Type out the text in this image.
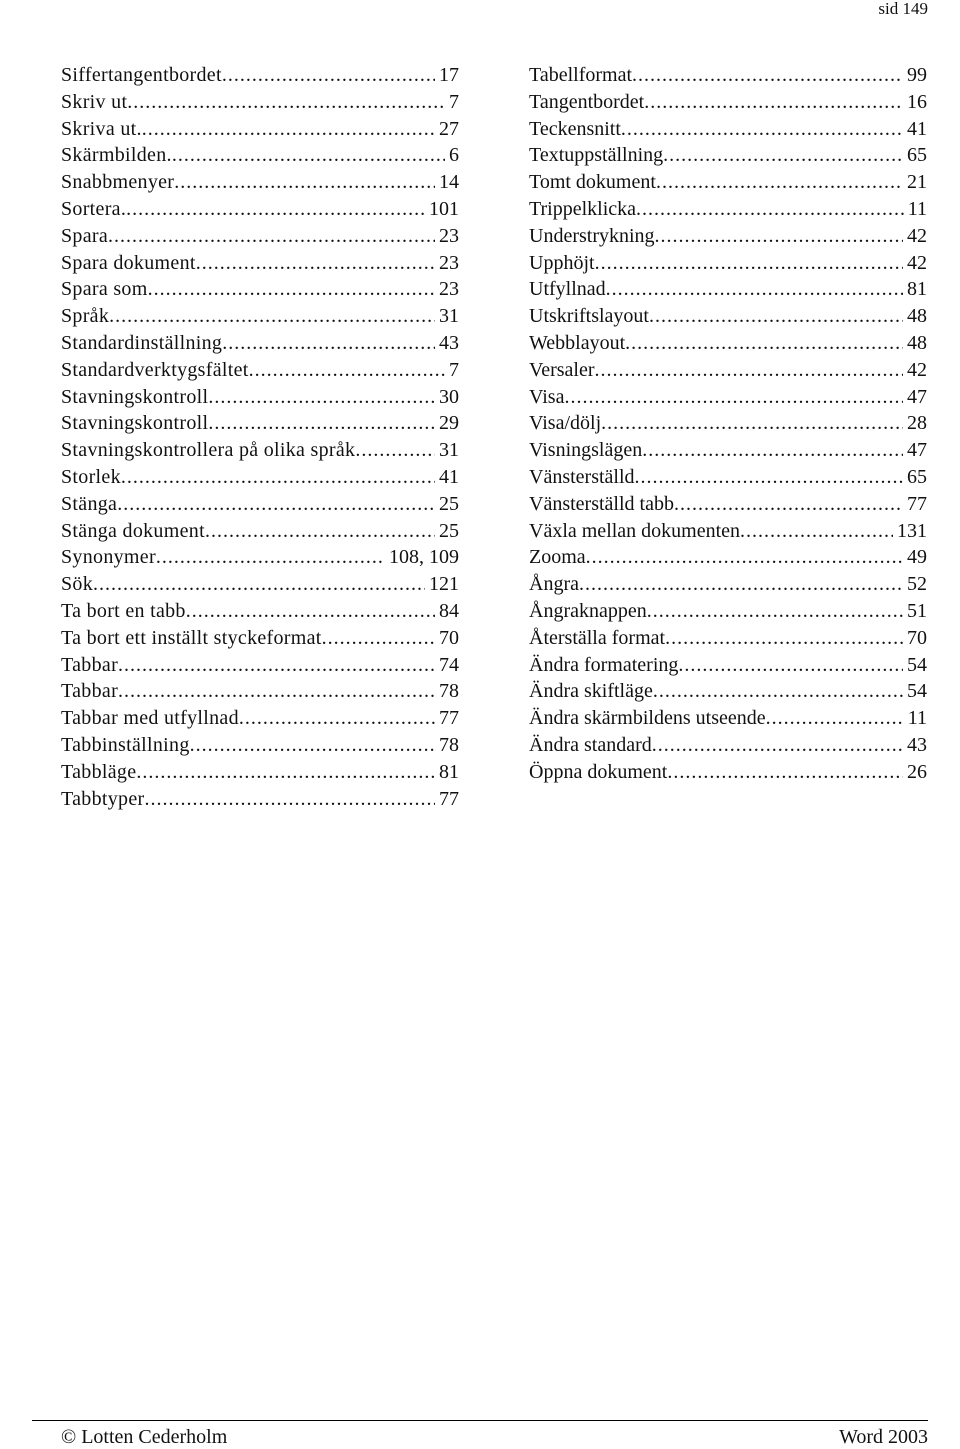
sid 149
Siffertangentbordet .....	17
Skriv ut .....	7
Skriva ut. .....	27
Skärmbilden. .....	6
Snabbmenyer .....	14
Sortera. .....	101
Spara .....	23
Spara dokument .....	23
Spara som .....	23
Språk .....	31
Standardinställning .....	43
Standardverktygsfältet .....	7
Stavningskontroll .....	30
Stavningskontroll .....	29
Stavningskontrollera på olika språk .....	31
Storlek .....	41
Stänga .....	25
Stänga dokument .....	25
Synonymer .....	108, 109
Sök .....	121
Ta bort en tabb .....	84
Ta bort ett inställt styckeformat .....	70
Tabbar .....	74
Tabbar .....	78
Tabbar med utfyllnad .....	77
Tabbinställning .....	78
Tabbläge .....	81
Tabbtyper .....	77
Tabellformat .....	99
Tangentbordet .....	16
Teckensnitt .....	41
Textuppställning .....	65
Tomt dokument .....	21
Trippelklicka .....	11
Understrykning .....	42
Upphöjt .....	42
Utfyllnad .....	81
Utskriftslayout .....	48
Webblayout .....	48
Versaler .....	42
Visa .....	47
Visa/dölj .....	28
Visningslägen .....	47
Vänsterställd .....	65
Vänsterställd tabb .....	77
Växla mellan dokumenten .....	131
Zooma .....	49
Ångra .....	52
Ångraknappen .....	51
Återställa format .....	70
Ändra formatering .....	54
Ändra skiftläge .....	54
Ändra skärmbildens utseende .....	11
Ändra standard .....	43
Öppna dokument .....	26
© Lotten Cederholm	Word 2003
